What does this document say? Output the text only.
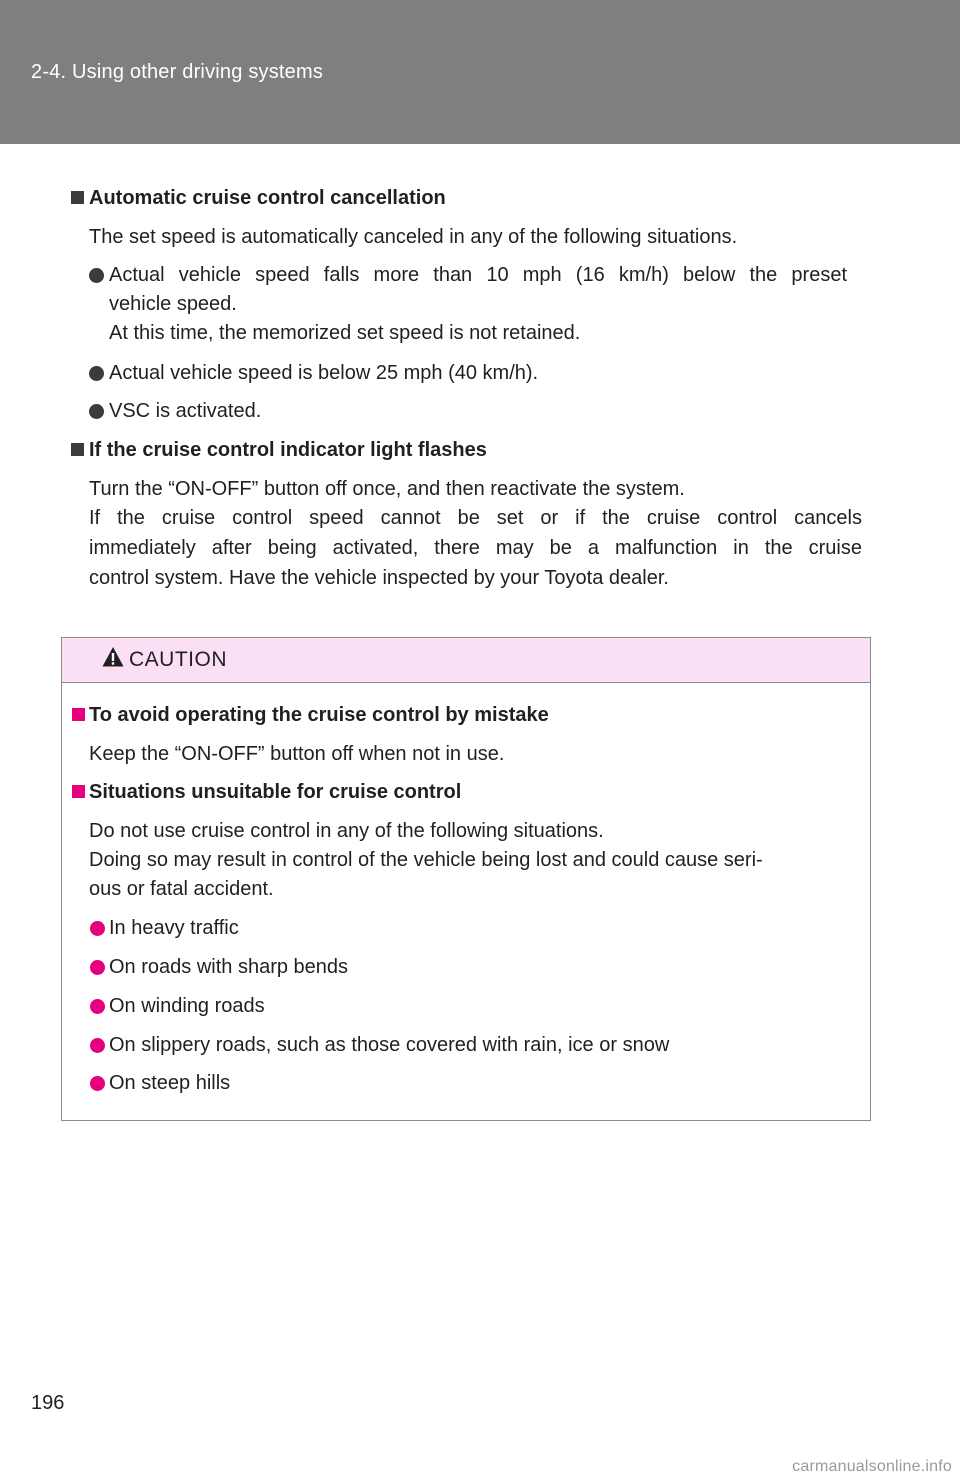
2-4. Using other driving systems
Automatic cruise control cancellation
The set speed is automatically canceled in any of the following situations.
Actual vehicle speed falls more than 10 mph (16 km/h) below the preset
vehicle speed.
At this time, the memorized set speed is not retained.
Actual vehicle speed is below 25 mph (40 km/h).
VSC is activated.
If the cruise control indicator light flashes
Turn the “ON-OFF” button off once, and then reactivate the system.
If the cruise control speed cannot be set or if the cruise control cancels
immediately after being activated, there may be a malfunction in the cruise
control system. Have the vehicle inspected by your Toyota dealer.
CAUTION
To avoid operating the cruise control by mistake
Keep the “ON-OFF” button off when not in use.
Situations unsuitable for cruise control
Do not use cruise control in any of the following situations.
Doing so may result in control of the vehicle being lost and could cause seri-
ous or fatal accident.
In heavy traffic
On roads with sharp bends
On winding roads
On slippery roads, such as those covered with rain, ice or snow
On steep hills
196
carmanualsonline.info
